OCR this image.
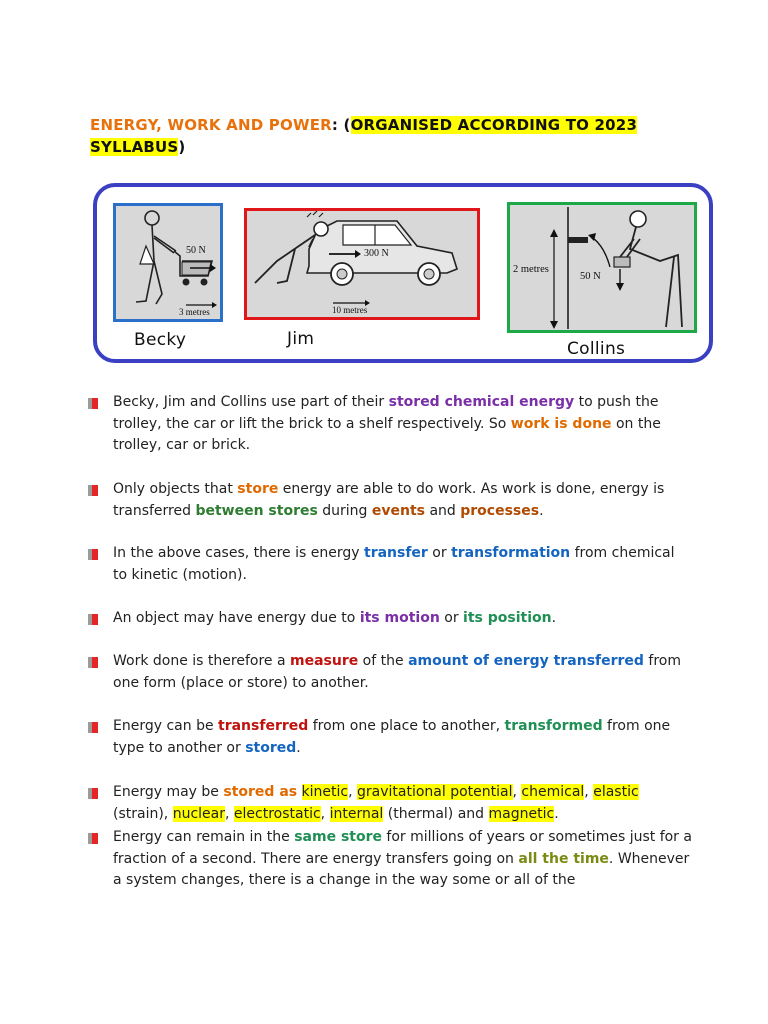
ENERGY, WORK AND POWER: (ORGANISED ACCORDING TO 2023
SYLLABUS)
50 N
3 metres
300 N
10 metres
2 metres
50 N
Becky	Jim	Collins
Becky, Jim and Collins use part of their stored chemical energy to push the trolley, the car or lift the brick to a shelf respectively. So work is done on the trolley, car or brick.
Only objects that store energy are able to do work. As work is done, energy is transferred between stores during events and processes.
In the above cases, there is energy transfer or transformation from chemical to kinetic (motion).
An object may have energy due to its motion or its position.
Work done is therefore a measure of the amount of energy transferred from one form (place or store) to another.
Energy can be transferred from one place to another, transformed from one type to another or stored.
Energy may be stored as kinetic, gravitational potential, chemical, elastic (strain), nuclear, electrostatic, internal (thermal) and magnetic.
Energy can remain in the same store for millions of years or sometimes just for a fraction of a second. There are energy transfers going on all the time. Whenever a system changes, there is a change in the way some or all of the
